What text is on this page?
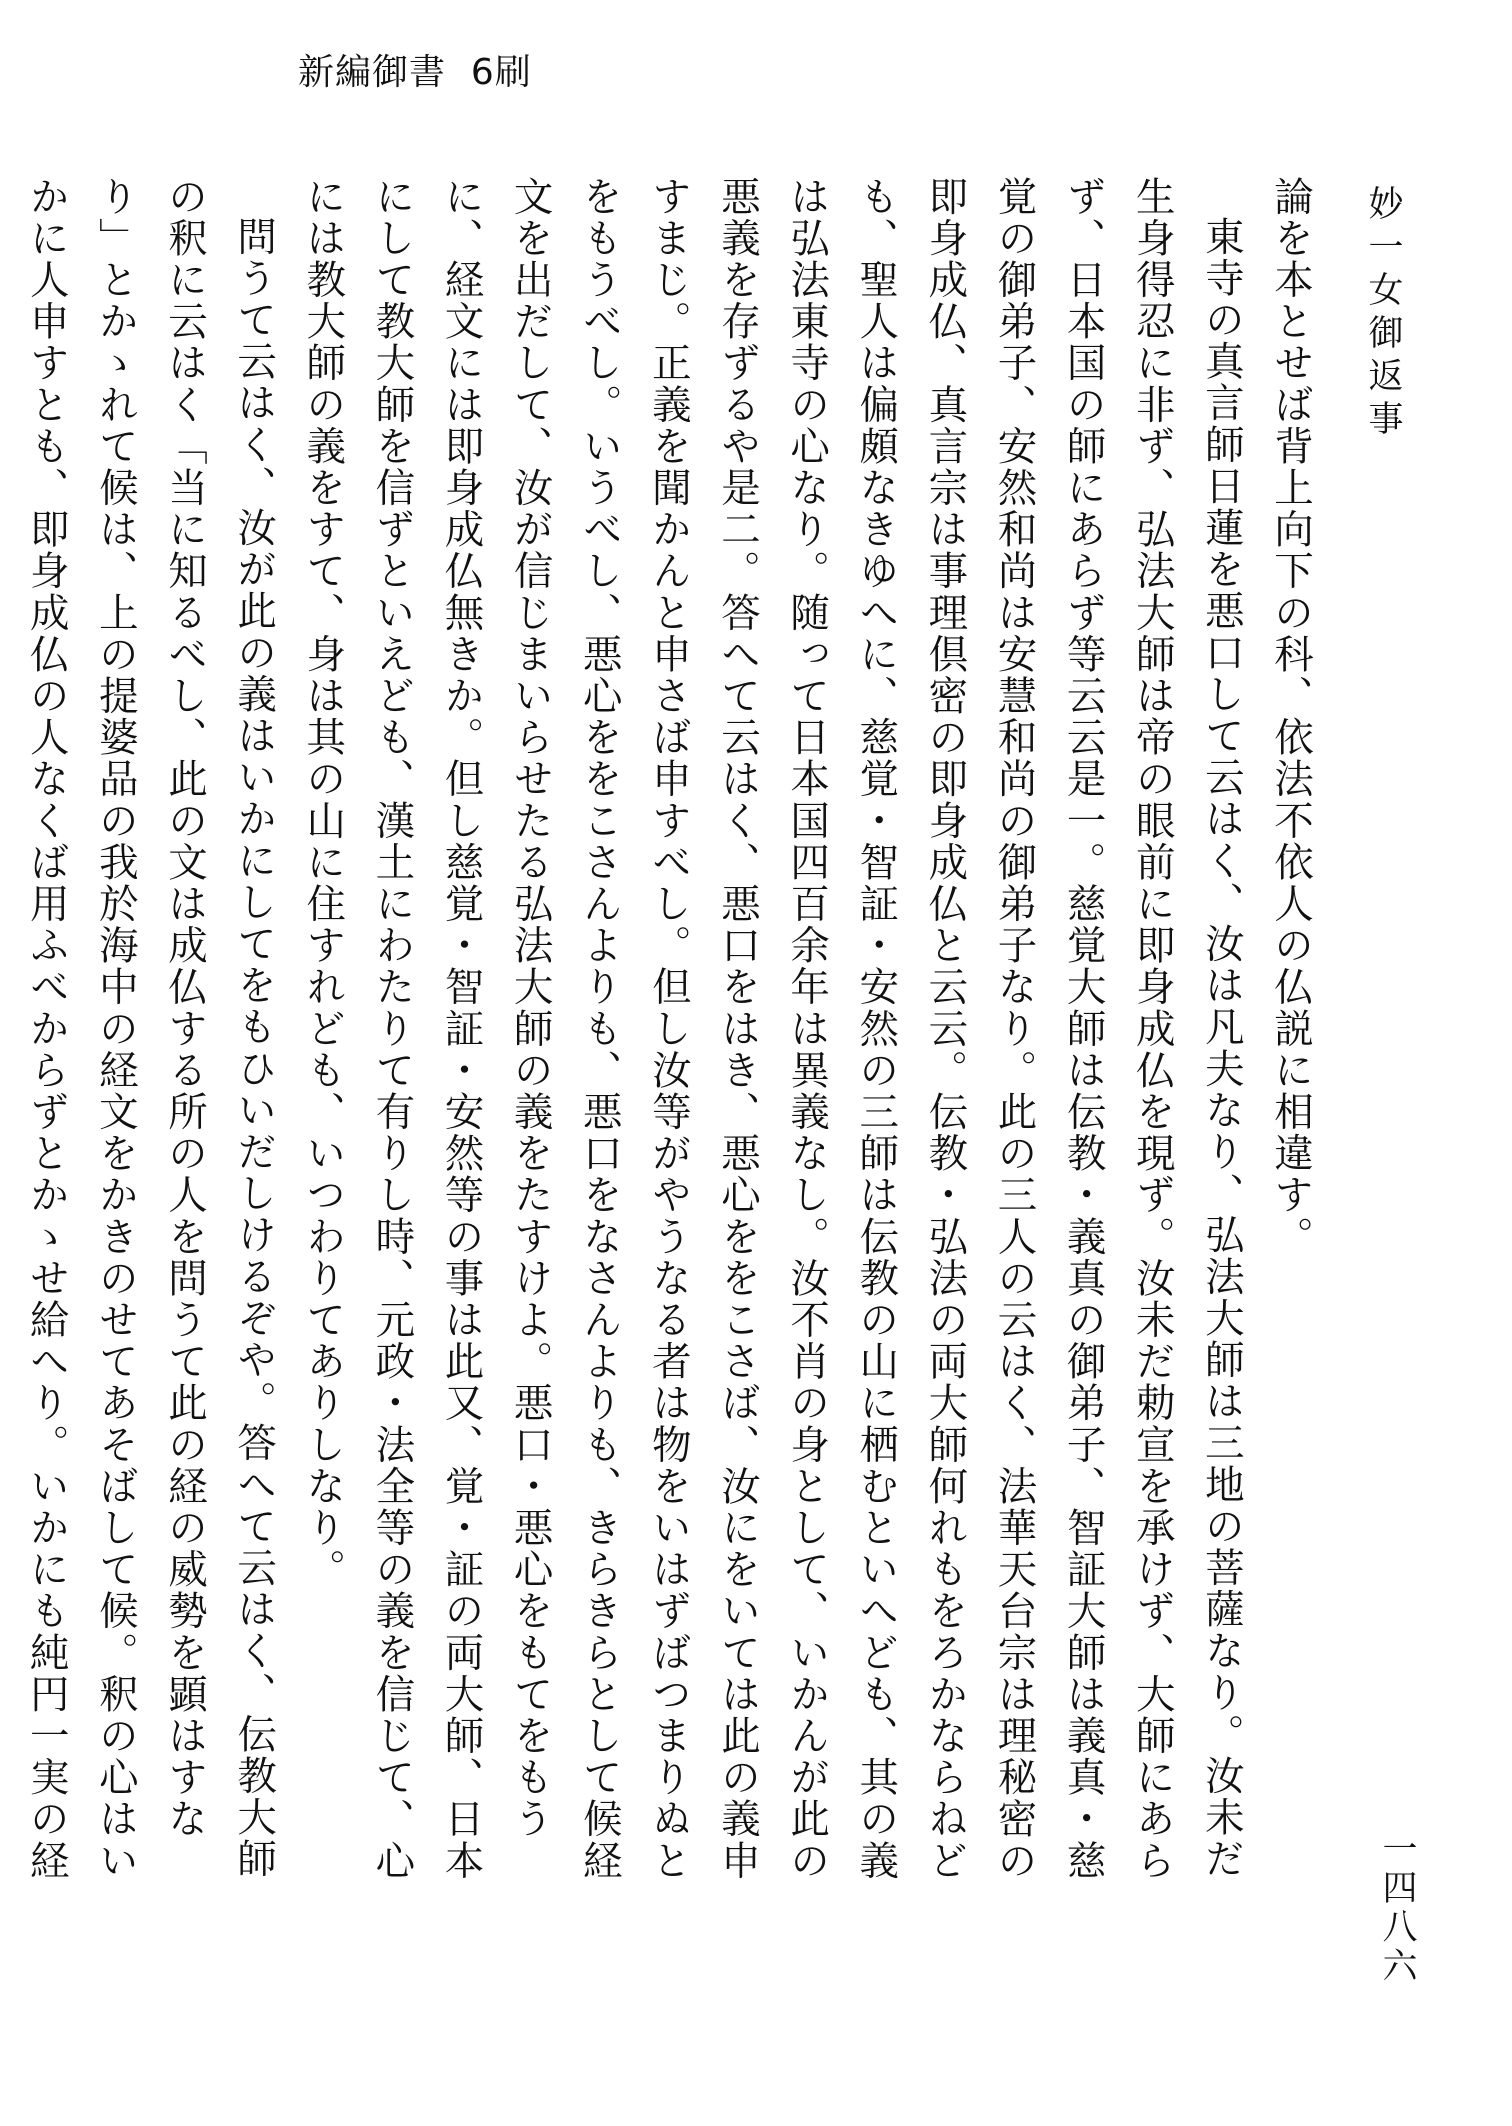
新編御書 6刷
妙一女御返事
一四八六

論を本とせば背上向下の科、依法不依人の仏説に相違す。

東寺の真言師日蓮を悪口して云はく、汝は凡夫なり、弘法大師は三地の菩薩なり。汝未だ生身得忍に非ず、弘法大師は帝の眼前に即身成仏を現ず。汝未だ勅宣を承けず、大師にあらず、日本国の師にあらず等云云是一。慈覚大師は伝教・義真の御弟子、智証大師は義真・慈覚の御弟子、安然和尚は安慧和尚の御弟子なり。此の三人の云はく、法華天台宗は理秘密の即身成仏、真言宗は事理倶密の即身成仏と云云。伝教・弘法の両大師何れもをろかならねども、聖人は偏頗なきゆへに、慈覚・智証・安然の三師は伝教の山に栖むといへども、其の義は弘法東寺の心なり。随って日本国四百余年は異義なし。汝不肖の身として、いかんが此の悪義を存ずるや是二。答へて云はく、悪口をはき、悪心ををこさば、汝にをいては此の義申すまじ。正義を聞かんと申さば申すべし。但し汝等がやうなる者は物をいはずばつまりぬとをもうべし。いうべし、悪心ををこさんよりも、悪口をなさんよりも、きらきらとして候経文を出だして、汝が信じまいらせたる弘法大師の義をたすけよ。悪口・悪心をもてをもうに、経文には即身成仏無きか。但し慈覚・智証・安然等の事は此又、覚・証の両大師、日本にして教大師を信ずといえども、漢土にわたりて有りし時、元政・法全等の義を信じて、心には教大師の義をすて、身は其の山に住すれども、いつわりてありしなり。

問うて云はく、汝が此の義はいかにしてをもひいだしけるぞや。答へて云はく、伝教大師の釈に云はく「当に知るべし、此の文は成仏する所の人を問うて此の経の威勢を顕はすなり」とかゝれて候は、上の提婆品の我於海中の経文をかきのせてあそばして候。釈の心はいかに人申すとも、即身成仏の人なくば用ふべからずとかゝせ給へり。いかにも純円一実の経
